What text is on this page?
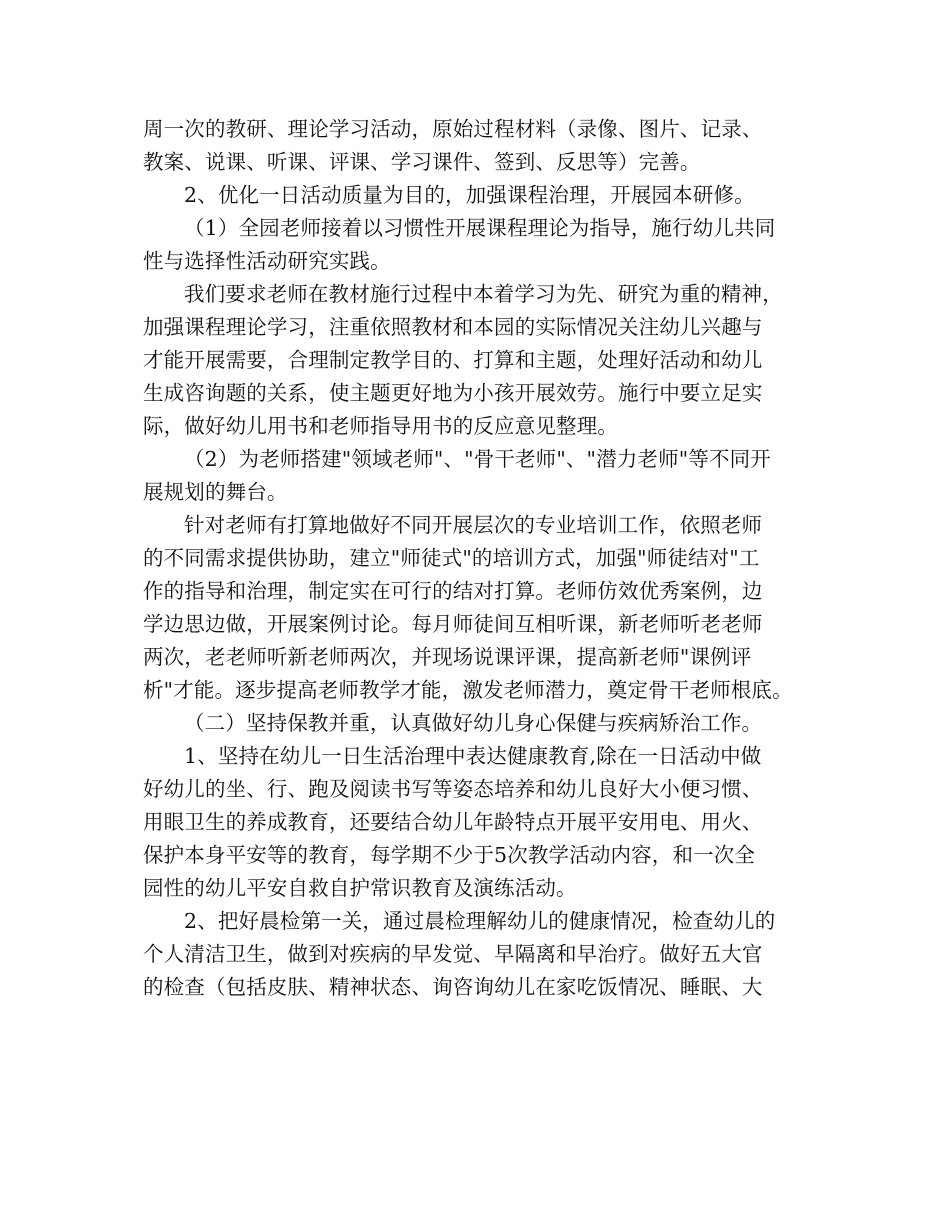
周一次的教研、理论学习活动，原始过程材料（录像、图片、记录、
教案、说课、听课、评课、学习课件、签到、反思等）完善。
2、优化一日活动质量为目的，加强课程治理，开展园本研修。
（1）全园老师接着以习惯性开展课程理论为指导，施行幼儿共同
性与选择性活动研究实践。
我们要求老师在教材施行过程中本着学习为先、研究为重的精神，
加强课程理论学习，注重依照教材和本园的实际情况关注幼儿兴趣与
才能开展需要，合理制定教学目的、打算和主题，处理好活动和幼儿
生成咨询题的关系，使主题更好地为小孩开展效劳。施行中要立足实
际，做好幼儿用书和老师指导用书的反应意见整理。
（2）为老师搭建"领域老师"、"骨干老师"、"潜力老师"等不同开
展规划的舞台。
针对老师有打算地做好不同开展层次的专业培训工作，依照老师
的不同需求提供协助，建立"师徒式"的培训方式，加强"师徒结对"工
作的指导和治理，制定实在可行的结对打算。老师仿效优秀案例，边
学边思边做，开展案例讨论。每月师徒间互相听课，新老师听老老师
两次，老老师听新老师两次，并现场说课评课，提高新老师"课例评
析"才能。逐步提高老师教学才能，激发老师潜力，奠定骨干老师根底。
（二）坚持保教并重，认真做好幼儿身心保健与疾病矫治工作。
1、坚持在幼儿一日生活治理中表达健康教育,除在一日活动中做
好幼儿的坐、行、跑及阅读书写等姿态培养和幼儿良好大小便习惯、
用眼卫生的养成教育，还要结合幼儿年龄特点开展平安用电、用火、
保护本身平安等的教育，每学期不少于5次教学活动内容，和一次全
园性的幼儿平安自救自护常识教育及演练活动。
2、把好晨检第一关，通过晨检理解幼儿的健康情况，检查幼儿的
个人清洁卫生，做到对疾病的早发觉、早隔离和早治疗。做好五大官
的检查（包括皮肤、精神状态、询咨询幼儿在家吃饭情况、睡眠、大
